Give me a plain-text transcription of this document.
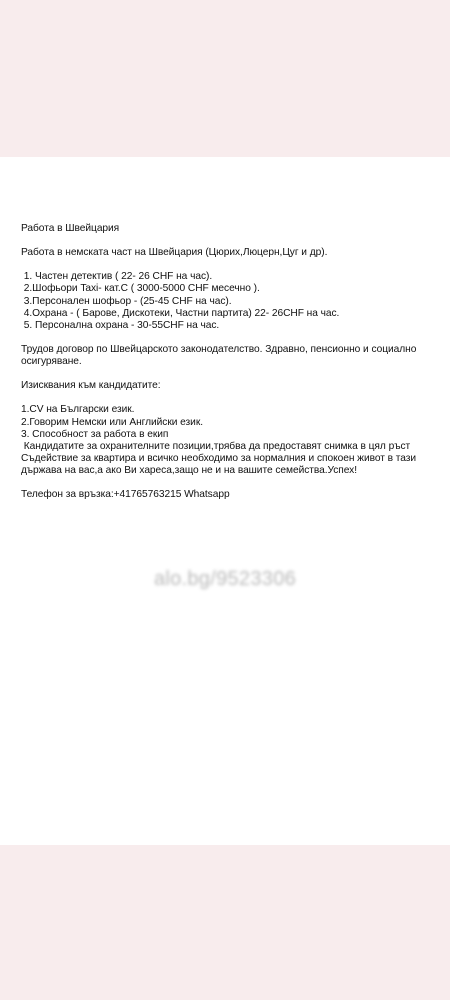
Работа в Швейцария
Работа в немската част на Швейцария (Цюрих,Люцерн,Цуг и др).
1. Частен детектив ( 22- 26 CHF на час).
2.Шофьори Taxi- кат.С ( 3000-5000 CHF месечно ).
3.Персонален шофьор - (25-45 CHF на час).
4.Охрана - ( Барове, Дискотеки, Частни партита) 22- 26CHF на час.
5. Персонална охрана - 30-55CHF на час.
Трудов договор по Швейцарското законодателство. Здравно, пенсионно и социално
осигуряване.
Изисквания към кандидатите:
1.CV на Български език.
2.Говорим Немски или Английски език.
3. Способност за работа в екип
Кандидатите за охранителните позиции,трябва да предоставят снимка в цял ръст
Съдействие за квартира и всичко необходимо за нормалния и спокоен живот в тази
държава на вас,а ако Ви хареса,защо не и на вашите семейства.Успех!
Телефон за връзка:+41765763215 Whatsapp
alo.bg/9523306
